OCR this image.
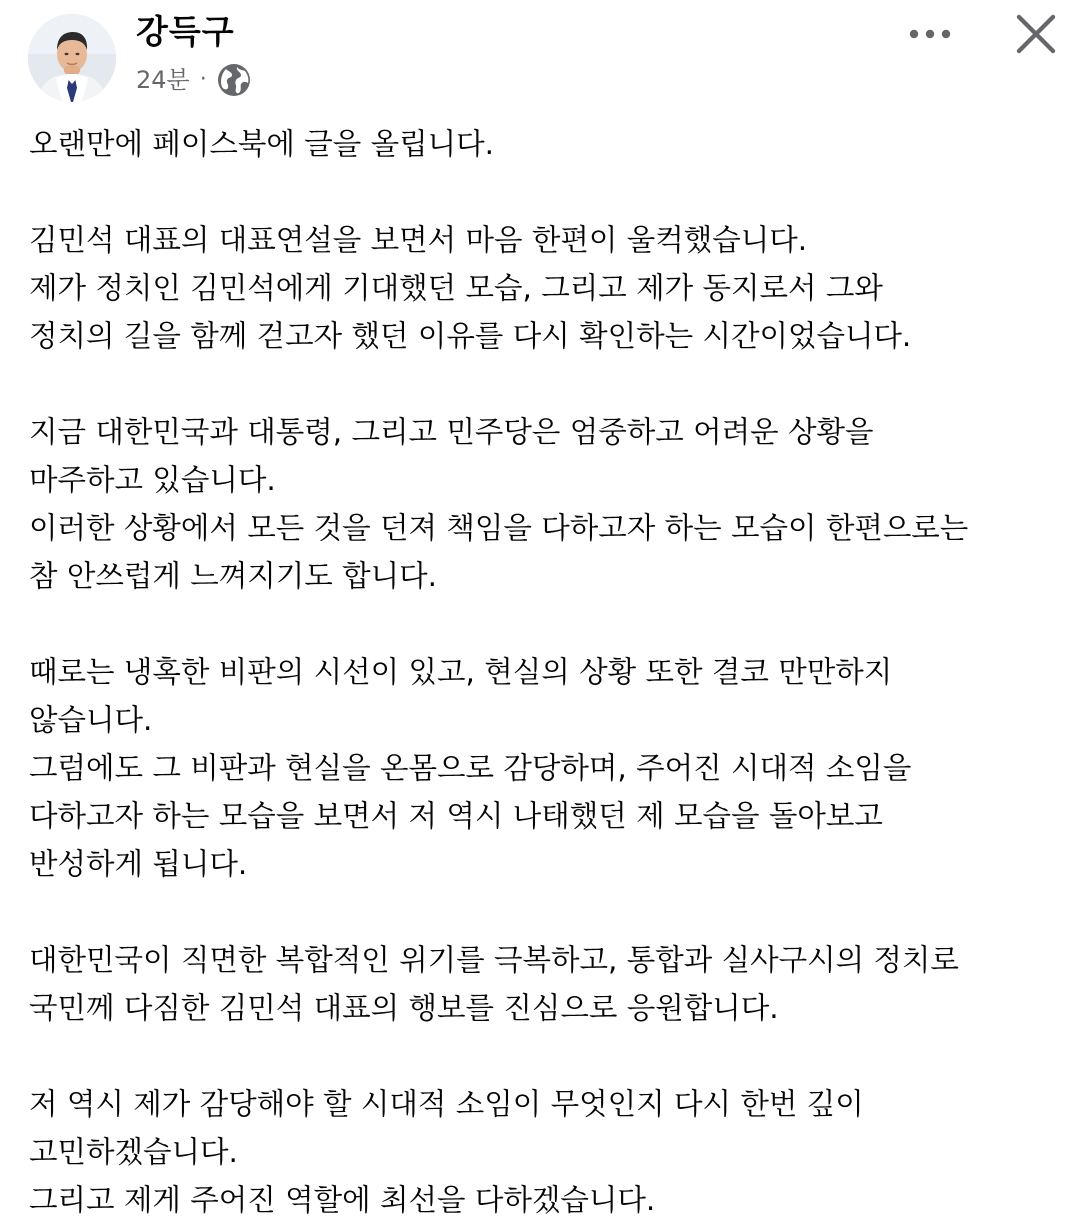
강득구
24분 ·
오랜만에 페이스북에 글을 올립니다.
김민석 대표의 대표연설을 보면서 마음 한편이 울컥했습니다.
제가 정치인 김민석에게 기대했던 모습, 그리고 제가 동지로서 그와
정치의 길을 함께 걷고자 했던 이유를 다시 확인하는 시간이었습니다.
지금 대한민국과 대통령, 그리고 민주당은 엄중하고 어려운 상황을
마주하고 있습니다.
이러한 상황에서 모든 것을 던져 책임을 다하고자 하는 모습이 한편으로는
참 안쓰럽게 느껴지기도 합니다.
때로는 냉혹한 비판의 시선이 있고, 현실의 상황 또한 결코 만만하지
않습니다.
그럼에도 그 비판과 현실을 온몸으로 감당하며, 주어진 시대적 소임을
다하고자 하는 모습을 보면서 저 역시 나태했던 제 모습을 돌아보고
반성하게 됩니다.
대한민국이 직면한 복합적인 위기를 극복하고, 통합과 실사구시의 정치로
국민께 다짐한 김민석 대표의 행보를 진심으로 응원합니다.
저 역시 제가 감당해야 할 시대적 소임이 무엇인지 다시 한번 깊이
고민하겠습니다.
그리고 제게 주어진 역할에 최선을 다하겠습니다.
